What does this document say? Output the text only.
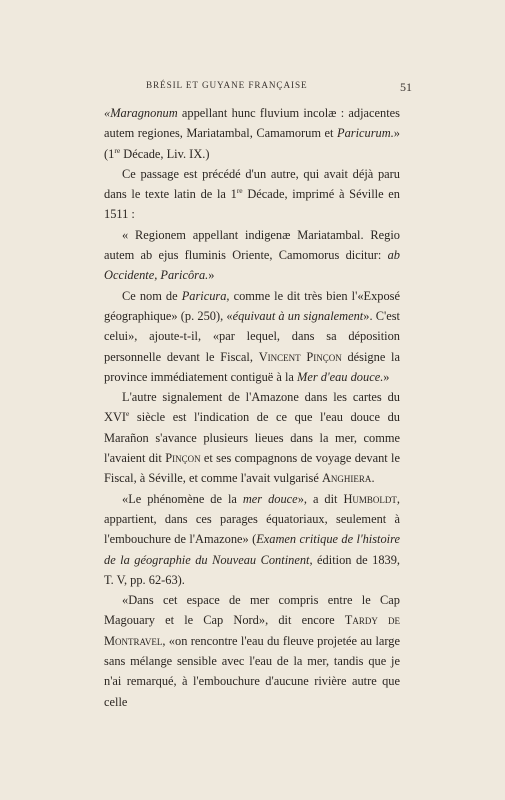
BRÉSIL ET GUYANE FRANÇAISE	51

«Maragnonum appellant hunc fluvium incolæ : adjacentes autem regiones, Mariatambal, Camamorum et Paricurum.» (1re Décade, Liv. IX.)

Ce passage est précédé d'un autre, qui avait déjà paru dans le texte latin de la 1re Décade, imprimé à Séville en 1511 :

« Regionem appellant indigenæ Mariatambal. Regio autem ab ejus fluminis Oriente, Camomorus dicitur: ab Occidente, Paricôra.»

Ce nom de Paricura, comme le dit très bien l'«Exposé géographique» (p. 250), «équivaut à un signalement». C'est celui», ajoute-t-il, «par lequel, dans sa déposition personnelle devant le Fiscal, Vincent Pinçon désigne la province immédiatement contiguë à la Mer d'eau douce.»

L'autre signalement de l'Amazone dans les cartes du XVIe siècle est l'indication de ce que l'eau douce du Marañon s'avance plusieurs lieues dans la mer, comme l'avaient dit Pinçon et ses compagnons de voyage devant le Fiscal, à Séville, et comme l'avait vulgarisé Anghiera.

«Le phénomène de la mer douce», a dit Humboldt, appartient, dans ces parages équatoriaux, seulement à l'embouchure de l'Amazone» (Examen critique de l'histoire de la géographie du Nouveau Continent, édition de 1839, T. V, pp. 62-63).

«Dans cet espace de mer compris entre le Cap Magouary et le Cap Nord», dit encore Tardy de Montravel, «on rencontre l'eau du fleuve projetée au large sans mélange sensible avec l'eau de la mer, tandis que je n'ai remarqué, à l'embouchure d'aucune rivière autre que celle
